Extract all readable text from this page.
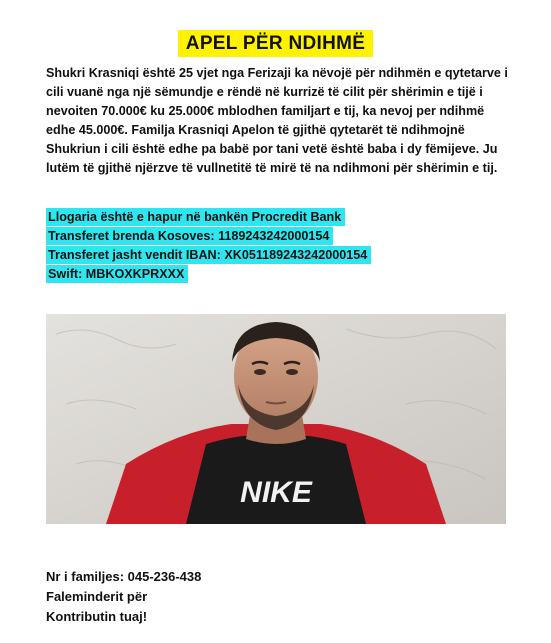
APEL PËR NDIHMË

Shukri Krasniqi është 25 vjet nga Ferizaji ka nëvojë për ndihmën e qytetarve i cili vuanë nga një sëmundje e rëndë në kurrizë të cilit për shërimin e tijë i nevoiten 70.000€ ku 25.000€ mblodhen familjart e tij, ka nevoj per ndihmë edhe 45.000€. Familja Krasniqi Apelon të gjithë qytetarët të ndihmojnë Shukriun i cili është edhe pa babë por tani vetë është baba i dy fëmijeve. Ju lutëm të gjithë njërzve të vullnetitë të mirë të na ndihmoni për shërimin e tij.

Llogaria është e hapur në bankën Procredit Bank
Transferet brenda Kosoves: 1189243242000154
Transferet jasht vendit IBAN: XK051189243242000154
Swift: MBKOXKPRXXX
NIKE
Nr i familjes: 045-236-438
Faleminderit për
Kontributin tuaj!
